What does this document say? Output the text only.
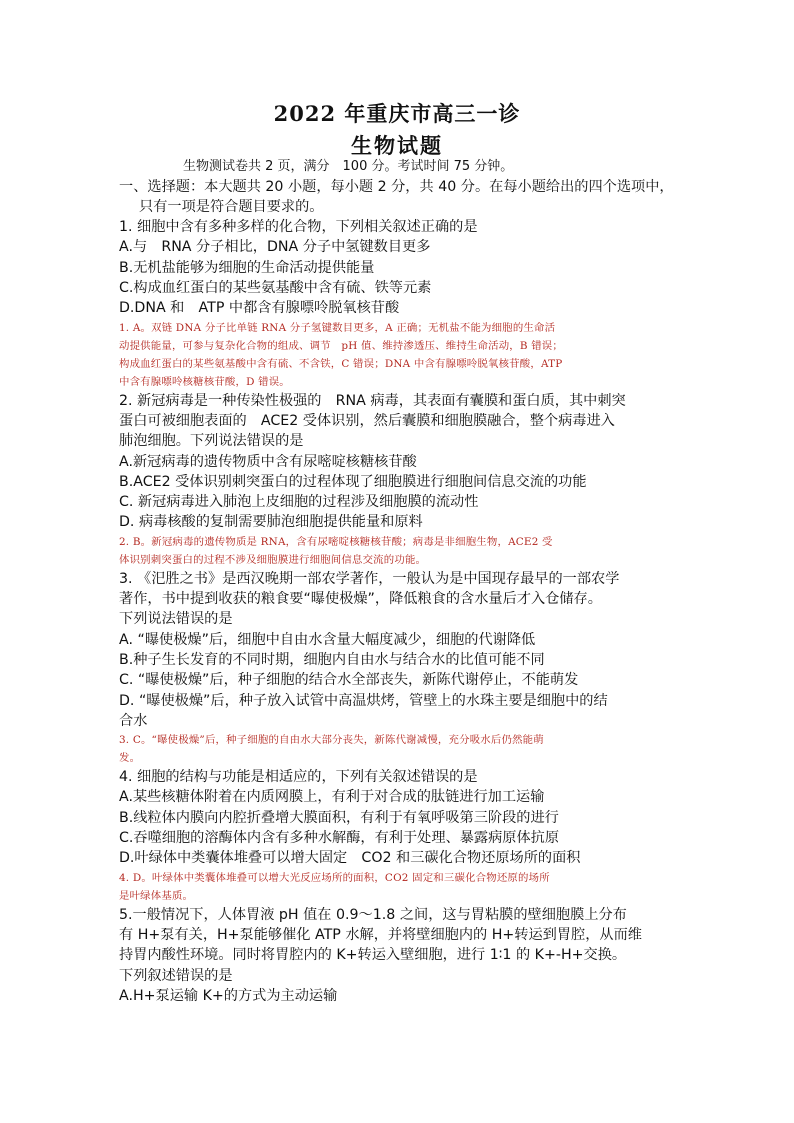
2022 年重庆市高三一诊
生物试题
生物测试卷共 2 页，满分　100 分。考试时间 75 分钟。
一、选择题：本大题共 20 小题，每小题 2 分，共 40 分。在每小题给出的四个选项中，
只有一项是符合题目要求的。
1. 细胞中含有多种多样的化合物，下列相关叙述正确的是
A.与　RNA 分子相比，DNA 分子中氢键数目更多
B.无机盐能够为细胞的生命活动提供能量
C.构成血红蛋白的某些氨基酸中含有硫、铁等元素
D.DNA 和　ATP 中都含有腺嘌呤脱氧核苷酸
1. A。双链 DNA 分子比单链 RNA 分子氢键数目更多，A 正确；无机盐不能为细胞的生命活
动提供能量，可参与复杂化合物的组成、调节　pH 值、维持渗透压、维持生命活动，B 错误；
构成血红蛋白的某些氨基酸中含有硫、不含铁，C 错误；DNA 中含有腺嘌呤脱氧核苷酸，ATP
中含有腺嘌呤核糖核苷酸，D 错误。
2. 新冠病毒是一种传染性极强的　RNA 病毒，其表面有囊膜和蛋白质，其中刺突
蛋白可被细胞表面的　ACE2 受体识别，然后囊膜和细胞膜融合，整个病毒进入
肺泡细胞。下列说法错误的是
A.新冠病毒的遗传物质中含有尿嘧啶核糖核苷酸
B.ACE2 受体识别刺突蛋白的过程体现了细胞膜进行细胞间信息交流的功能
C. 新冠病毒进入肺泡上皮细胞的过程涉及细胞膜的流动性
D. 病毒核酸的复制需要肺泡细胞提供能量和原料
2. B。新冠病毒的遗传物质是 RNA，含有尿嘧啶核糖核苷酸；病毒是非细胞生物，ACE2 受
体识别刺突蛋白的过程不涉及细胞膜进行细胞间信息交流的功能。
3. 《汜胜之书》是西汉晚期一部农学著作，一般认为是中国现存最早的一部农学
著作，书中提到收获的粮食要“曝使极燥”，降低粮食的含水量后才入仓储存。
下列说法错误的是
A. “曝使极燥”后，细胞中自由水含量大幅度减少，细胞的代谢降低
B.种子生长发育的不同时期，细胞内自由水与结合水的比值可能不同
C. “曝使极燥”后，种子细胞的结合水全部丧失，新陈代谢停止，不能萌发
D. “曝使极燥”后，种子放入试管中高温烘烤，管壁上的水珠主要是细胞中的结
合水
3. C。“曝使极燥”后，种子细胞的自由水大部分丧失，新陈代谢减慢，充分吸水后仍然能萌
发。
4. 细胞的结构与功能是相适应的，下列有关叙述错误的是
A.某些核糖体附着在内质网膜上，有利于对合成的肽链进行加工运输
B.线粒体内膜向内腔折叠增大膜面积，有利于有氧呼吸第三阶段的进行
C.吞噬细胞的溶酶体内含有多种水解酶，有利于处理、暴露病原体抗原
D.叶绿体中类囊体堆叠可以增大固定　CO2 和三碳化合物还原场所的面积
4. D。叶绿体中类囊体堆叠可以增大光反应场所的面积，CO2 固定和三碳化合物还原的场所
是叶绿体基质。
5.一般情况下，人体胃液 pH 值在 0.9～1.8 之间，这与胃粘膜的壁细胞膜上分布
有 H+泵有关，H+泵能够催化 ATP 水解，并将壁细胞内的 H+转运到胃腔，从而维
持胃内酸性环境。同时将胃腔内的 K+转运入壁细胞，进行 1∶1 的 K+-H+交换。
下列叙述错误的是
A.H+泵运输 K+的方式为主动运输
